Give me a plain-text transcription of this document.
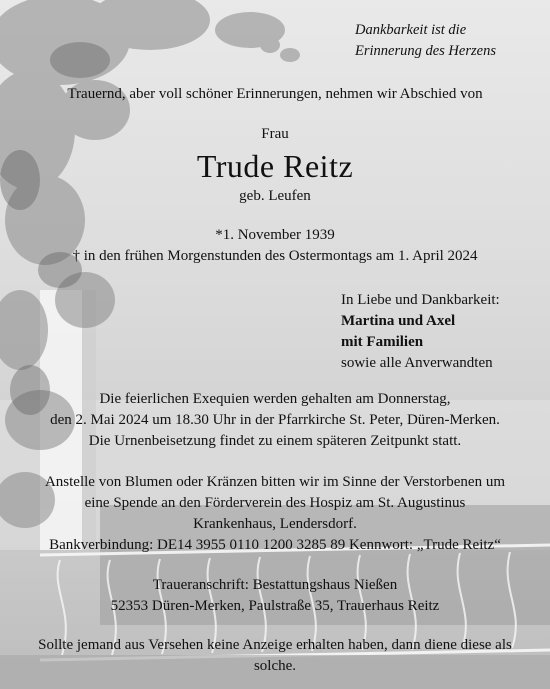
Dankbarkeit ist die
Erinnerung des Herzens
Trauernd, aber voll schöner Erinnerungen, nehmen wir Abschied von
Frau
Trude Reitz
geb. Leufen
*1. November 1939
† in den frühen Morgenstunden des Ostermontags am 1. April 2024
In Liebe und Dankbarkeit:
Martina und Axel
mit Familien
sowie alle Anverwandten
Die feierlichen Exequien werden gehalten am Donnerstag,
den 2. Mai 2024 um 18.30 Uhr in der Pfarrkirche St. Peter, Düren-Merken.
Die Urnenbeisetzung findet zu einem späteren Zeitpunkt statt.
Anstelle von Blumen oder Kränzen bitten wir im Sinne der Verstorbenen um
eine Spende an den Förderverein des Hospiz am St. Augustinus
Krankenhaus, Lendersdorf.
Bankverbindung: DE14 3955 0110 1200 3285 89 Kennwort: „Trude Reitz“
Traueranschrift: Bestattungshaus Nießen
52353 Düren-Merken, Paulstraße 35, Trauerhaus Reitz
Sollte jemand aus Versehen keine Anzeige erhalten haben, dann diene diese als
solche.
